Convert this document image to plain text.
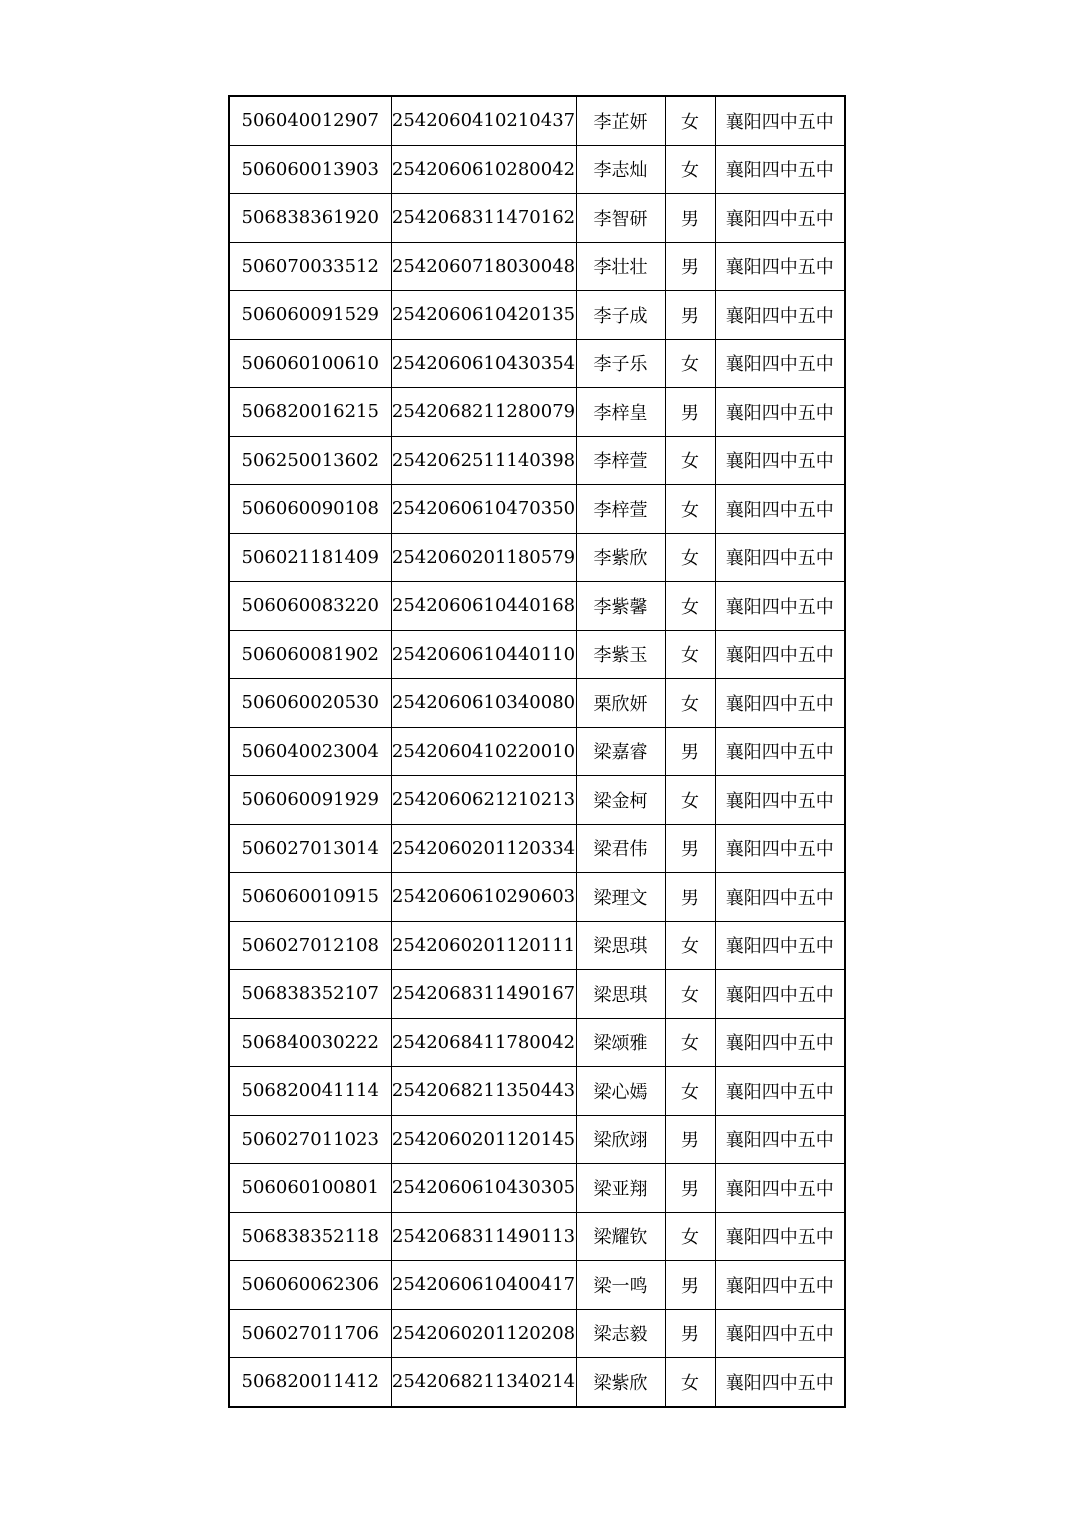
506040012907	2542060410210437	李芷妍	女	襄阳四中五中
506060013903	2542060610280042	李志灿	女	襄阳四中五中
506838361920	2542068311470162	李智研	男	襄阳四中五中
506070033512	2542060718030048	李壮壮	男	襄阳四中五中
506060091529	2542060610420135	李子成	男	襄阳四中五中
506060100610	2542060610430354	李子乐	女	襄阳四中五中
506820016215	2542068211280079	李梓皇	男	襄阳四中五中
506250013602	2542062511140398	李梓萱	女	襄阳四中五中
506060090108	2542060610470350	李梓萱	女	襄阳四中五中
506021181409	2542060201180579	李紫欣	女	襄阳四中五中
506060083220	2542060610440168	李紫馨	女	襄阳四中五中
506060081902	2542060610440110	李紫玉	女	襄阳四中五中
506060020530	2542060610340080	栗欣妍	女	襄阳四中五中
506040023004	2542060410220010	梁嘉睿	男	襄阳四中五中
506060091929	2542060621210213	梁金柯	女	襄阳四中五中
506027013014	2542060201120334	梁君伟	男	襄阳四中五中
506060010915	2542060610290603	梁理文	男	襄阳四中五中
506027012108	2542060201120111	梁思琪	女	襄阳四中五中
506838352107	2542068311490167	梁思琪	女	襄阳四中五中
506840030222	2542068411780042	梁颂雅	女	襄阳四中五中
506820041114	2542068211350443	梁心嫣	女	襄阳四中五中
506027011023	2542060201120145	梁欣翊	男	襄阳四中五中
506060100801	2542060610430305	梁亚翔	男	襄阳四中五中
506838352118	2542068311490113	梁耀钦	女	襄阳四中五中
506060062306	2542060610400417	梁一鸣	男	襄阳四中五中
506027011706	2542060201120208	梁志毅	男	襄阳四中五中
506820011412	2542068211340214	梁紫欣	女	襄阳四中五中
